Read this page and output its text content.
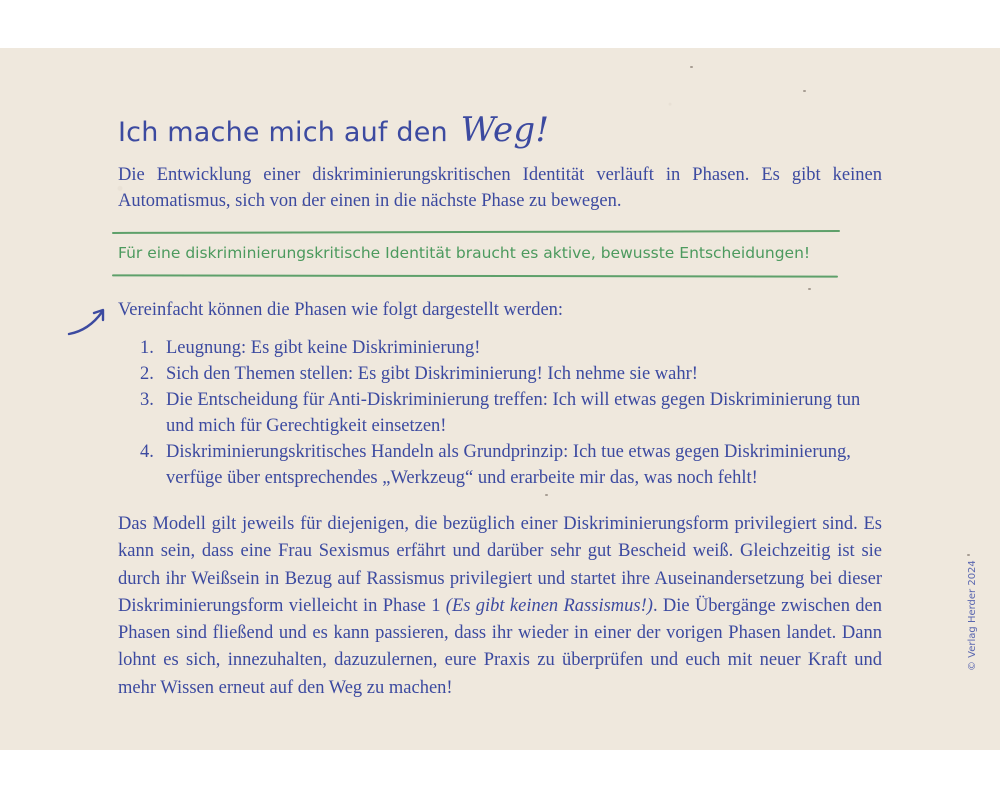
Ich mache mich auf den Weg!

Die Entwicklung einer diskriminierungskritischen Identität verläuft in Phasen. Es gibt keinen Automatismus, sich von der einen in die nächste Phase zu bewegen.

Für eine diskriminierungskritische Identität braucht es aktive, bewusste Entscheidungen!

Vereinfacht können die Phasen wie folgt dargestellt werden:

1. Leugnung: Es gibt keine Diskriminierung!
2. Sich den Themen stellen: Es gibt Diskriminierung! Ich nehme sie wahr!
3. Die Entscheidung für Anti-Diskriminierung treffen: Ich will etwas gegen Diskriminierung tun und mich für Gerechtigkeit einsetzen!
4. Diskriminierungskritisches Handeln als Grundprinzip: Ich tue etwas gegen Diskriminierung, verfüge über entsprechendes „Werkzeug“ und erarbeite mir das, was noch fehlt!

Das Modell gilt jeweils für diejenigen, die bezüglich einer Diskriminierungsform privilegiert sind. Es kann sein, dass eine Frau Sexismus erfährt und darüber sehr gut Bescheid weiß. Gleichzeitig ist sie durch ihr Weißsein in Bezug auf Rassismus privilegiert und startet ihre Auseinandersetzung bei dieser Diskriminierungsform vielleicht in Phase 1 (Es gibt keinen Rassismus!). Die Übergänge zwischen den Phasen sind fließend und es kann passieren, dass ihr wieder in einer der vorigen Phasen landet. Dann lohnt es sich, innezuhalten, dazuzulernen, eure Praxis zu überprüfen und euch mit neuer Kraft und mehr Wissen erneut auf den Weg zu machen!

© Verlag Herder 2024
